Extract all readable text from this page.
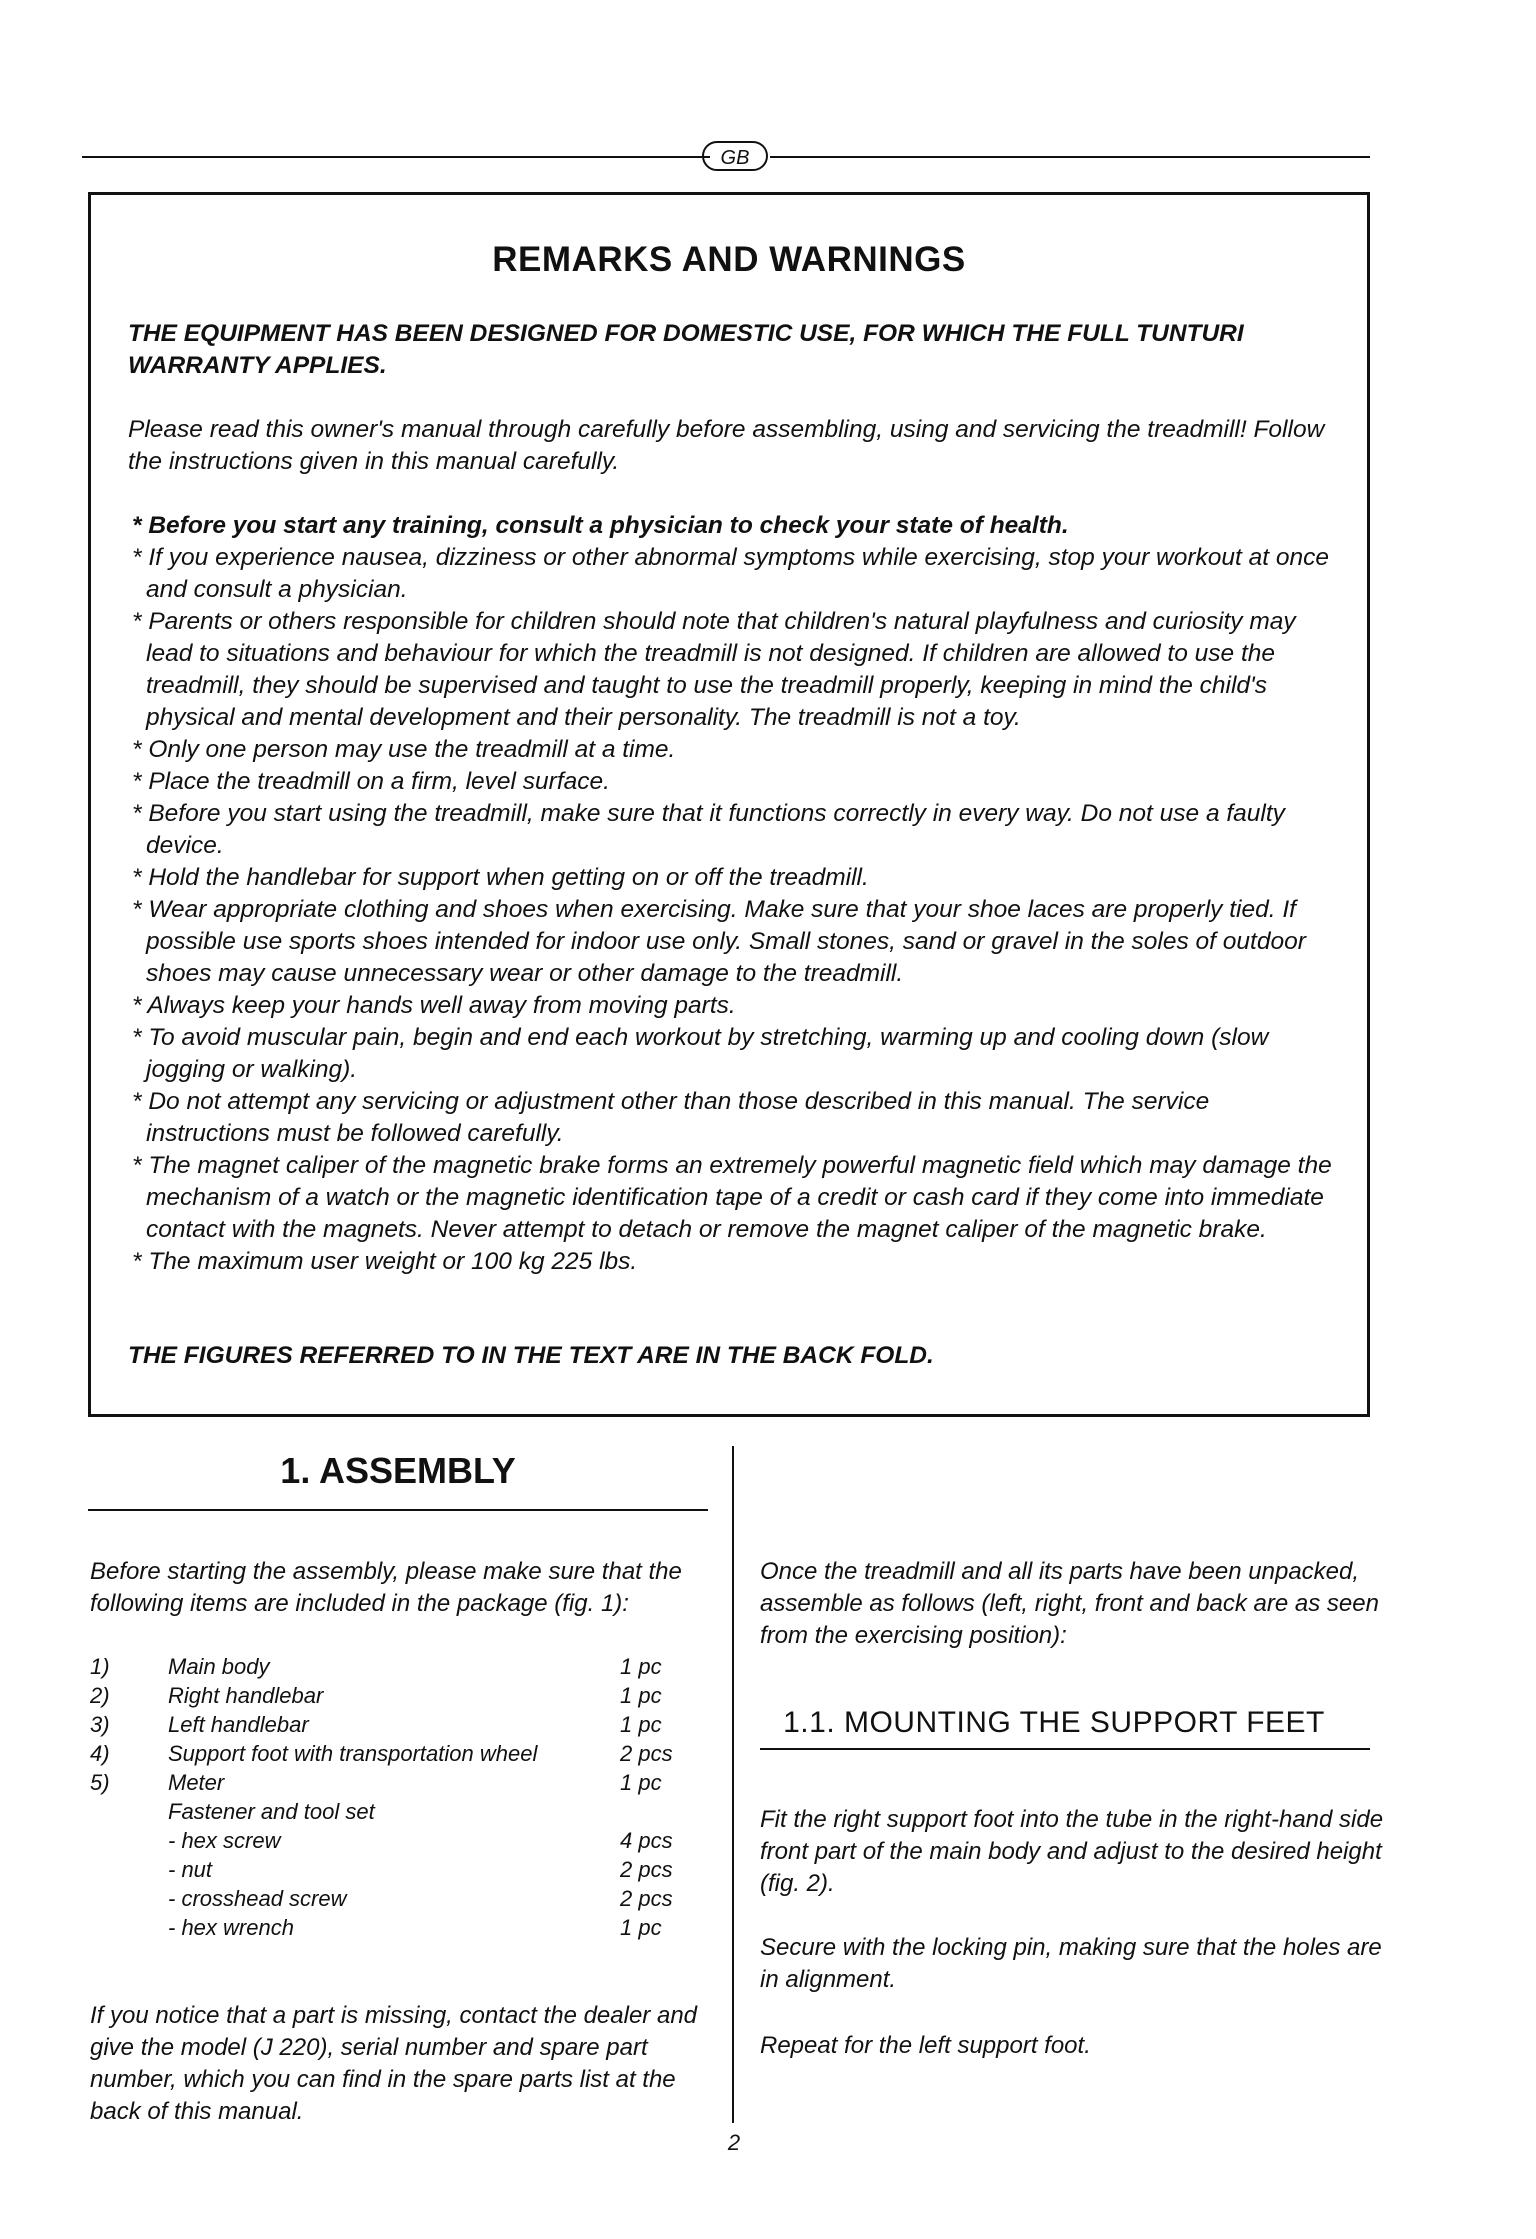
GB
REMARKS AND WARNINGS
THE EQUIPMENT HAS BEEN DESIGNED FOR DOMESTIC USE, FOR WHICH THE FULL TUNTURI WARRANTY APPLIES.
Please read this owner's manual through carefully before assembling, using and servicing the treadmill! Follow the instructions given in this manual carefully.
* Before you start any training, consult a physician to check your state of health.
* If you experience nausea, dizziness or other abnormal symptoms while exercising, stop your workout at once and consult a physician.
* Parents or others responsible for children should note that children's natural playfulness and curiosity may lead to situations and behaviour for which the treadmill is not designed. If children are allowed to use the treadmill, they should be supervised and taught to use the treadmill properly, keeping in mind the child's physical and mental development and their personality. The treadmill is not a toy.
* Only one person may use the treadmill at a time.
* Place the treadmill on a firm, level surface.
* Before you start using the treadmill, make sure that it functions correctly in every way. Do not use a faulty device.
* Hold the handlebar for support when getting on or off the treadmill.
* Wear appropriate clothing and shoes when exercising. Make sure that your shoe laces are properly tied. If possible use sports shoes intended for indoor use only. Small stones, sand or gravel in the soles of outdoor shoes may cause unnecessary wear or other damage to the treadmill.
* Always keep your hands well away from moving parts.
* To avoid muscular pain, begin and end each workout by stretching, warming up and cooling down (slow jogging or walking).
* Do not attempt any servicing or adjustment other than those described in this manual. The service instructions must be followed carefully.
* The magnet caliper of the magnetic brake forms an extremely powerful magnetic field which may damage the mechanism of a watch or the magnetic identification tape of a credit or cash card if they come into immediate contact with the magnets. Never attempt to detach or remove the magnet caliper of the magnetic brake.
* The maximum user weight or 100 kg 225 lbs.
THE FIGURES REFERRED TO IN THE TEXT ARE IN THE BACK FOLD.
1. ASSEMBLY
Before starting the assembly, please make sure that the following items are included in the package (fig. 1):
1)	Main body	1 pc
2)	Right handlebar	1 pc
3)	Left handlebar	1 pc
4)	Support foot with transportation wheel	2 pcs
5)	Meter	1 pc
Fastener and tool set
- hex screw	4 pcs
- nut	2 pcs
- crosshead screw	2 pcs
- hex wrench	1 pc
If you notice that a part is missing, contact the dealer and give the model (J 220), serial number and spare part number, which you can find in the spare parts list at the back of this manual.
Once the treadmill and all its parts have been unpacked, assemble as follows (left, right, front and back are as seen from the exercising position):
1.1. MOUNTING THE SUPPORT FEET
Fit the right support foot into the tube in the right-hand side front part of the main body and adjust to the desired height (fig. 2).
Secure with the locking pin, making sure that the holes are in alignment.
Repeat for the left support foot.
2
